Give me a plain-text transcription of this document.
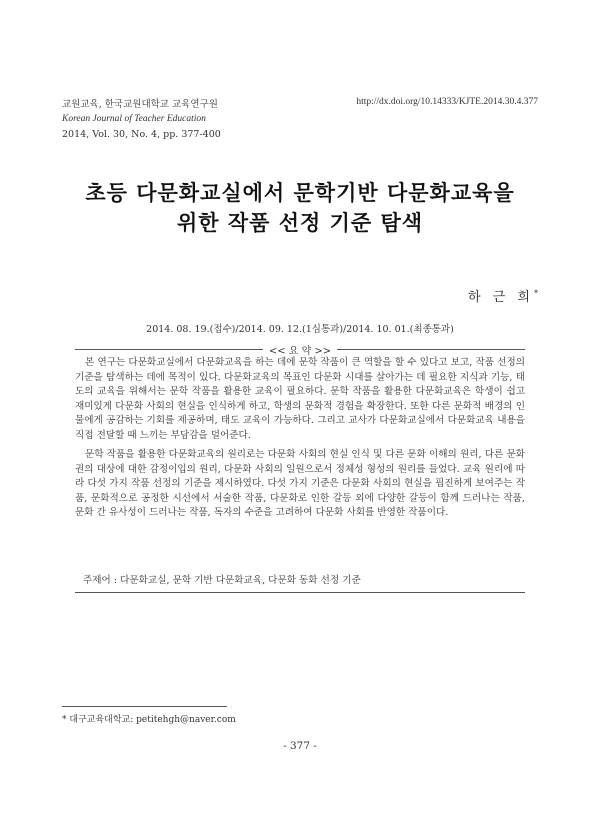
교원교육, 한국교원대학교 교육연구원
Korean Journal of Teacher Education
2014, Vol. 30, No. 4, pp. 377-400
http://dx.doi.org/10.14333/KJTE.2014.30.4.377
초등 다문화교실에서 문학기반 다문화교육을
위한 작품 선정 기준 탐색
하 근 희*
2014. 08. 19.(접수)/2014. 09. 12.(1심통과)/2014. 10. 01.(최종통과)
<< 요 약 >>

본 연구는 다문화교실에서 다문화교육을 하는 데에 문학 작품이 큰 역할을 할 수 있다고 보고, 작품 선정의 기준을 탐색하는 데에 목적이 있다. 다문화교육의 목표인 다문화 시대를 살아가는 데 필요한 지식과 기능, 태도의 교육을 위해서는 문학 작품을 활용한 교육이 필요하다. 문학 작품을 활용한 다문화교육은 학생이 쉽고 재미있게 다문화 사회의 현실을 인식하게 하고, 학생의 문화적 경험을 확장한다. 또한 다른 문화적 배경의 인물에게 공감하는 기회를 제공하며, 태도 교육이 가능하다. 그리고 교사가 다문화교실에서 다문화교육 내용을 직접 전달할 때 느끼는 부담감을 덜어준다.

문학 작품을 활용한 다문화교육의 원리로는 다문화 사회의 현실 인식 및 다른 문화 이해의 원리, 다른 문화권의 대상에 대한 감정이입의 원리, 다문화 사회의 일원으로서 정체성 형성의 원리를 들었다. 교육 원리에 따라 다섯 가지 작품 선정의 기준을 제시하였다. 다섯 가지 기준은 다문화 사회의 현실을 핍진하게 보여주는 작품, 문화적으로 공정한 시선에서 서술한 작품, 다문화로 인한 갈등 외에 다양한 갈등이 함께 드러나는 작품, 문화 간 유사성이 드러나는 작품, 독자의 수준을 고려하여 다문화 사회를 반영한 작품이다.

주제어 : 다문화교실, 문학 기반 다문화교육, 다문화 동화 선정 기준
* 대구교육대학교: petitehgh@naver.com
- 377 -
